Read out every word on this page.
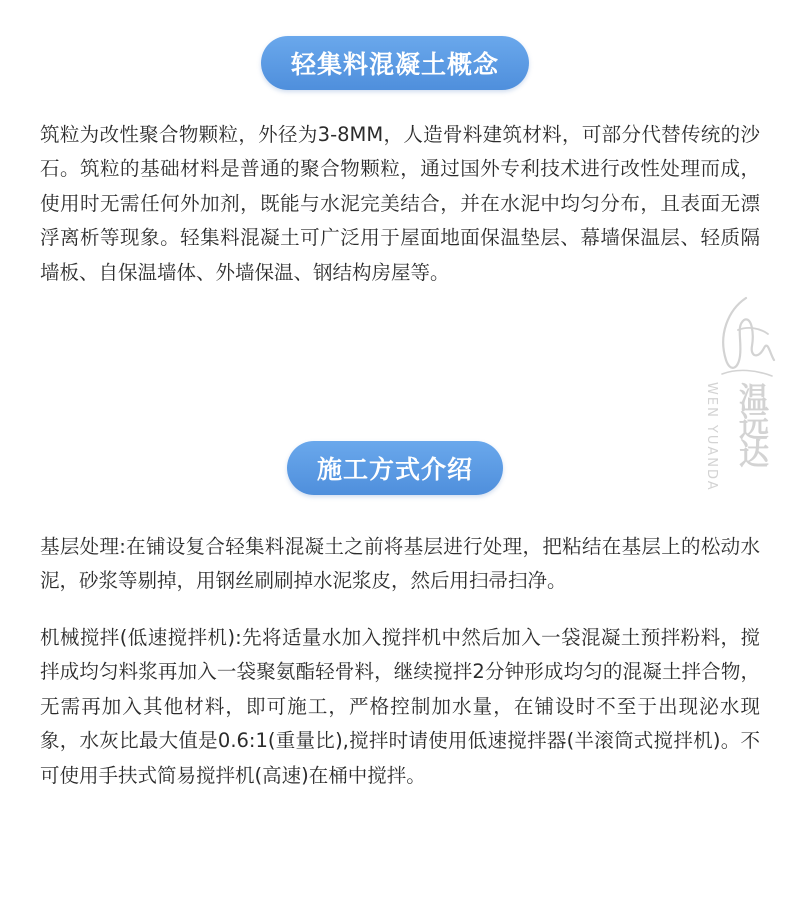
轻集料混凝土概念

筑粒为改性聚合物颗粒，外径为3-8MM，人造骨料建筑材料，可部分代替传统的沙石。筑粒的基础材料是普通的聚合物颗粒，通过国外专利技术进行改性处理而成，使用时无需任何外加剂，既能与水泥完美结合，并在水泥中均匀分布，且表面无漂浮离析等现象。轻集料混凝土可广泛用于屋面地面保温垫层、幕墙保温层、轻质隔墙板、自保温墙体、外墙保温、钢结构房屋等。

WEN YUANDA 温远达
施工方式介绍

基层处理:在铺设复合轻集料混凝土之前将基层进行处理，把粘结在基层上的松动水泥，砂浆等剔掉，用钢丝刷刷掉水泥浆皮，然后用扫帚扫净。

机械搅拌(低速搅拌机):先将适量水加入搅拌机中然后加入一袋混凝土预拌粉料，搅拌成均匀料浆再加入一袋聚氨酯轻骨料，继续搅拌2分钟形成均匀的混凝土拌合物，无需再加入其他材料，即可施工，严格控制加水量，在铺设时不至于出现泌水现象，水灰比最大值是0.6:1(重量比),搅拌时请使用低速搅拌器(半滚筒式搅拌机)。不可使用手扶式简易搅拌机(高速)在桶中搅拌。
